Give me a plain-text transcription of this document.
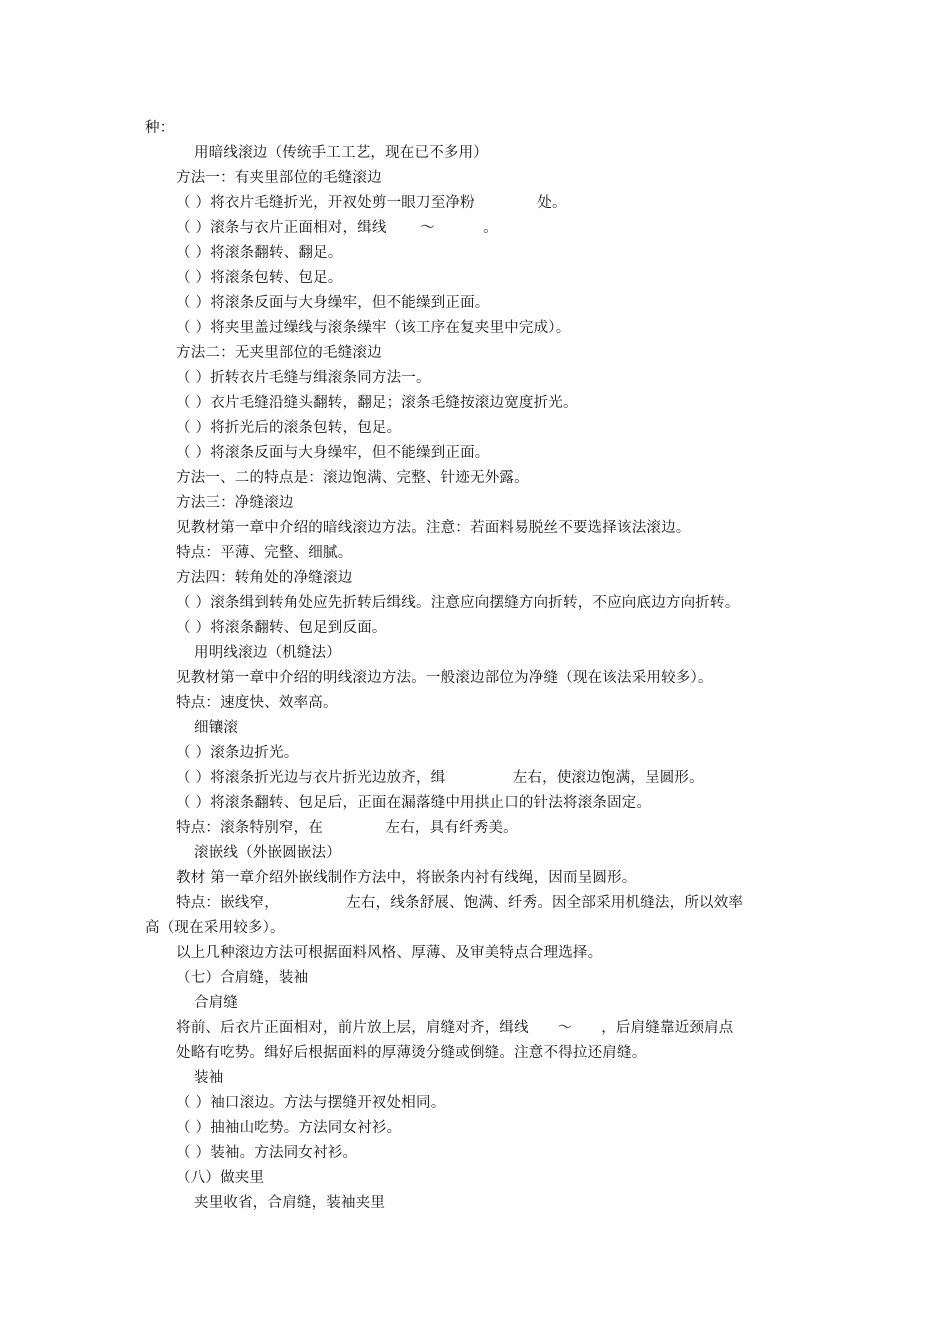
种：
用暗线滚边（传统手工工艺，现在已不多用）
方法一：有夹里部位的毛缝滚边
（ ）将衣片毛缝折光，开衩处剪一眼刀至净粉             处。
（ ）滚条与衣片正面相对，缉线       ～          。
（ ）将滚条翻转、翻足。
（ ）将滚条包转、包足。
（ ）将滚条反面与大身缲牢，但不能缲到正面。
（ ）将夹里盖过缲线与滚条缲牢（该工序在复夹里中完成）。
方法二：无夹里部位的毛缝滚边
（ ）折转衣片毛缝与缉滚条同方法一。
（ ）衣片毛缝沿缝头翻转，翻足；滚条毛缝按滚边宽度折光。
（ ）将折光后的滚条包转，包足。
（ ）将滚条反面与大身缲牢，但不能缲到正面。
方法一、二的特点是：滚边饱满、完整、针迹无外露。
方法三：净缝滚边
见教材第一章中介绍的暗线滚边方法。注意：若面料易脱丝不要选择该法滚边。
特点：平薄、完整、细腻。
方法四：转角处的净缝滚边
（ ）滚条缉到转角处应先折转后缉线。注意应向摆缝方向折转，不应向底边方向折转。
（ ）将滚条翻转、包足到反面。
用明线滚边（机缝法）
见教材第一章中介绍的明线滚边方法。一般滚边部位为净缝（现在该法采用较多）。
特点：速度快、效率高。
细镶滚
（ ）滚条边折光。
（ ）将滚条折光边与衣片折光边放齐，缉              左右，使滚边饱满，呈圆形。
（ ）将滚条翻转、包足后，正面在漏落缝中用拱止口的针法将滚条固定。
特点：滚条特别窄，在             左右，具有纤秀美。
滚嵌线（外嵌圆嵌法）
教材 第一章介绍外嵌线制作方法中，将嵌条内衬有线绳，因而呈圆形。
特点：嵌线窄，              左右，线条舒展、饱满、纤秀。因全部采用机缝法，所以效率
高（现在采用较多）。
以上几种滚边方法可根据面料风格、厚薄、及审美特点合理选择。
（七）合肩缝，装袖
合肩缝
将前、后衣片正面相对，前片放上层，肩缝对齐，缉线      ～      ，后肩缝靠近颈肩点
处略有吃势。缉好后根据面料的厚薄烫分缝或倒缝。注意不得拉还肩缝。
装袖
（ ）袖口滚边。方法与摆缝开衩处相同。
（ ）抽袖山吃势。方法同女衬衫。
（ ）装袖。方法同女衬衫。
（八）做夹里
夹里收省，合肩缝，装袖夹里
